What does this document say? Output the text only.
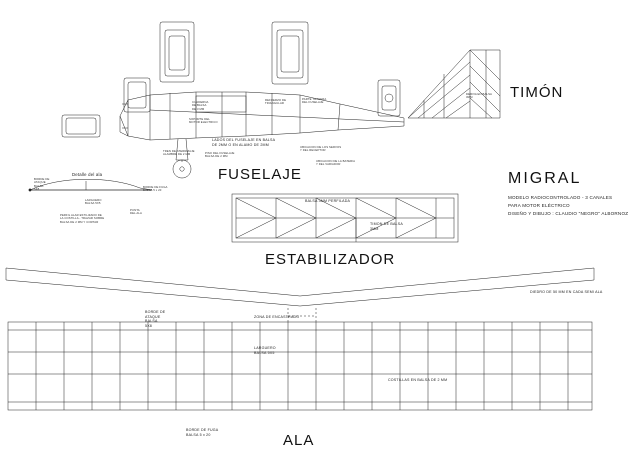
TIMÓN
FUSELAJE
ESTABILIZADOR
ALA
MIGRAL
MODELO RADIOCONTROLADO - 3 CANALES
PARA MOTOR ELÉCTRICO
DISEÑO Y DIBUJO : CLAUDIO "NEGRO" ALBORNOZ
Detalle del ala
BORDE DE
ATAQUE
BALSA
5X8
LARGUERO
BALSA 5X5
BORDE DE FUGA
BALSA 5 x 20
PERFIL ALAR ESTILIZADO DE
LA COSTILLA - TRAZAR SOBRE
BALSA DE 2 MM Y CORTAR
PUNTA
DEL ALA
LADOS DEL FUSELAJE EN BALSA
DE 2MM O EN ALAMO DE 2MM
CUADERNA
DE BALSA
DE 3 MM
REFUERZO DE
TRIANGULAR
SOPORTE DEL
MOTOR ELECTRICO
TREN DE ATERRIZAJE
ALAMBRE DE 2 MM	PISO DEL FUSELAJE
BALSA DE 2 MM
UBICACION DE LOS SERVOS
Y DEL RECEPTOR
UBICACION DE LA BATERIA
Y DEL VARIADOR
PARTE TRASERA
DEL FUSELAJE
DERIVA EN BALSA
3MM
BALSA 3MM PERFILADA
TIMON DE BALSA
3MM
DIEDRO DE 50 MM EN CADA SEMI ALA
BORDE DE
ATAQUE
BALSA
5X8
ZONA DE ENCASTRADO
LARGUERO
BALSA 5X5
COSTILLAS EN BALSA DE 2 MM
BORDE DE FUGA
BALSA 5 x 20
